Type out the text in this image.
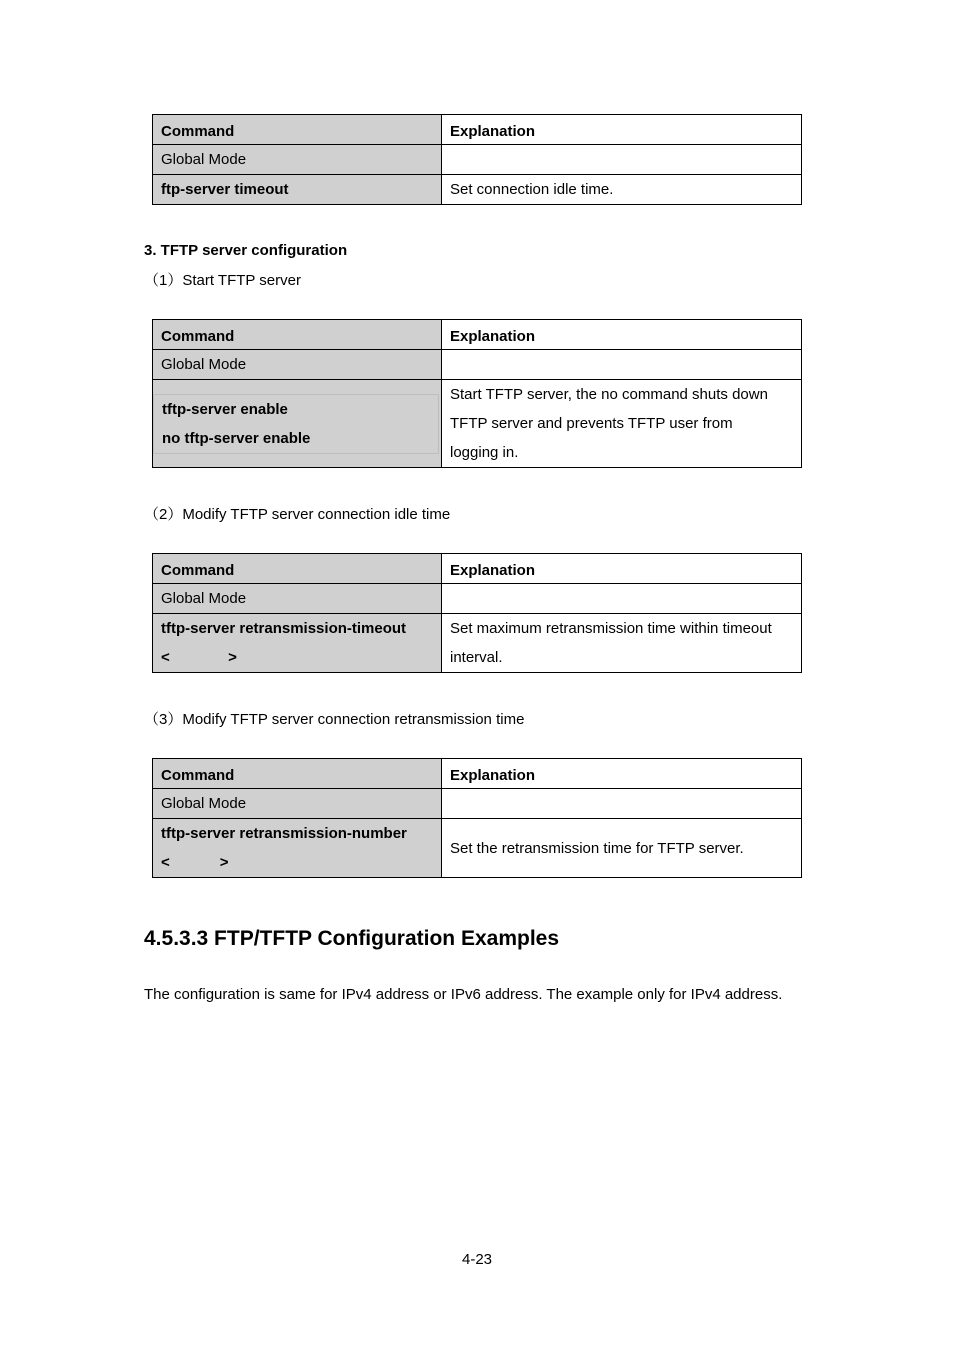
Command	Explanation
Global Mode	
ftp-server timeout	Set connection idle time.
3. TFTP server configuration
（1）Start TFTP server
Command	Explanation
Global Mode	

tftp-server enable
no tftp-server enable	Start TFTP server, the no command shuts down
TFTP server and prevents TFTP user from
logging in.
（2）Modify TFTP server connection idle time
Command	Explanation
Global Mode	

tftp-server retransmission-timeout
<              >	Set maximum retransmission time within timeout
interval.
（3）Modify TFTP server connection retransmission time
Command	Explanation
Global Mode	

tftp-server retransmission-number
<            >	Set the retransmission time for TFTP server.
4.5.3.3 FTP/TFTP Configuration Examples
The configuration is same for IPv4 address or IPv6 address. The example only for IPv4 address.
4-23
